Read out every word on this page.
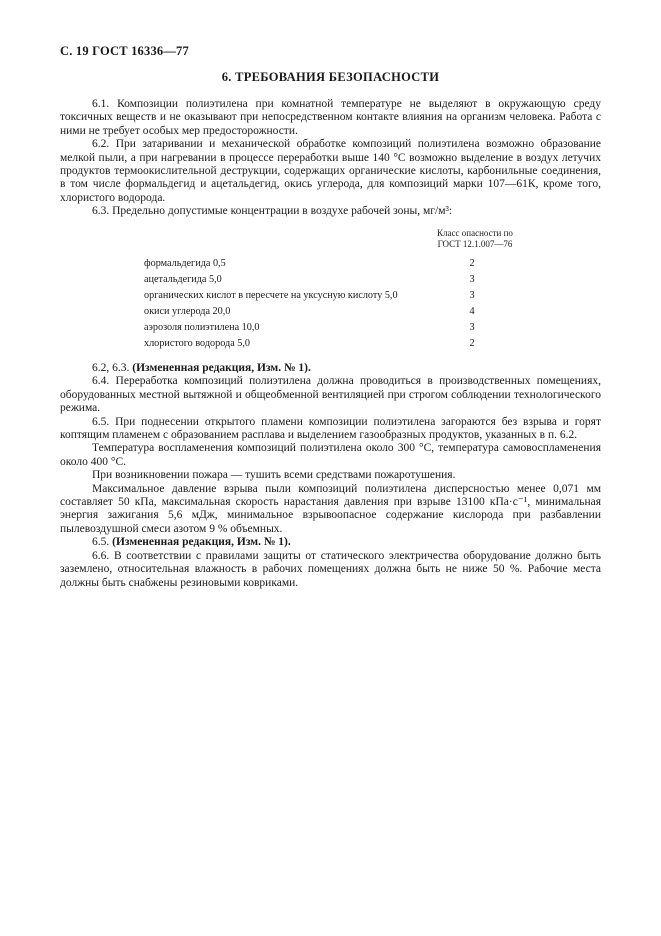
С. 19 ГОСТ 16336—77
6. ТРЕБОВАНИЯ БЕЗОПАСНОСТИ

6.1. Композиции полиэтилена при комнатной температуре не выделяют в окружающую среду токсичных веществ и не оказывают при непосредственном контакте влияния на организм человека. Работа с ними не требует особых мер предосторожности.

6.2. При затаривании и механической обработке композиций полиэтилена возможно образование мелкой пыли, а при нагревании в процессе переработки выше 140 °С возможно выделение в воздух летучих продуктов термоокислительной деструкции, содержащих органические кислоты, карбонильные соединения, в том числе формальдегид и ацетальдегид, окись углерода, для композиций марки 107—61К, кроме того, хлористого водорода.

6.3. Предельно допустимые концентрации в воздухе рабочей зоны, мг/м³:

Класс опасности по
ГОСТ 12.1.007—76
формальдегида 0,5	2
ацетальдегида 5,0	3
органических кислот в пересчете на уксусную кислоту 5,0	3
окиси углерода 20,0	4
аэрозоля полиэтилена 10,0	3
хлористого водорода 5,0	2

6.2, 6.3. (Измененная редакция, Изм. № 1).

6.4. Переработка композиций полиэтилена должна проводиться в производственных помещениях, оборудованных местной вытяжной и общеобменной вентиляцией при строгом соблюдении технологического режима.

6.5. При поднесении открытого пламени композиции полиэтилена загораются без взрыва и горят коптящим пламенем с образованием расплава и выделением газообразных продуктов, указанных в п. 6.2.

Температура воспламенения композиций полиэтилена около 300 °С, температура самовоспламенения около 400 °С.

При возникновении пожара — тушить всеми средствами пожаротушения.

Максимальное давление взрыва пыли композиций полиэтилена дисперсностью менее 0,071 мм составляет 50 кПа, максимальная скорость нарастания давления при взрыве 13100 кПа·с⁻¹, минимальная энергия зажигания 5,6 мДж, минимальное взрывоопасное содержание кислорода при разбавлении пылевоздушной смеси азотом 9 % объемных.

6.5. (Измененная редакция, Изм. № 1).

6.6. В соответствии с правилами защиты от статического электричества оборудование должно быть заземлено, относительная влажность в рабочих помещениях должна быть не ниже 50 %. Рабочие места должны быть снабжены резиновыми ковриками.
